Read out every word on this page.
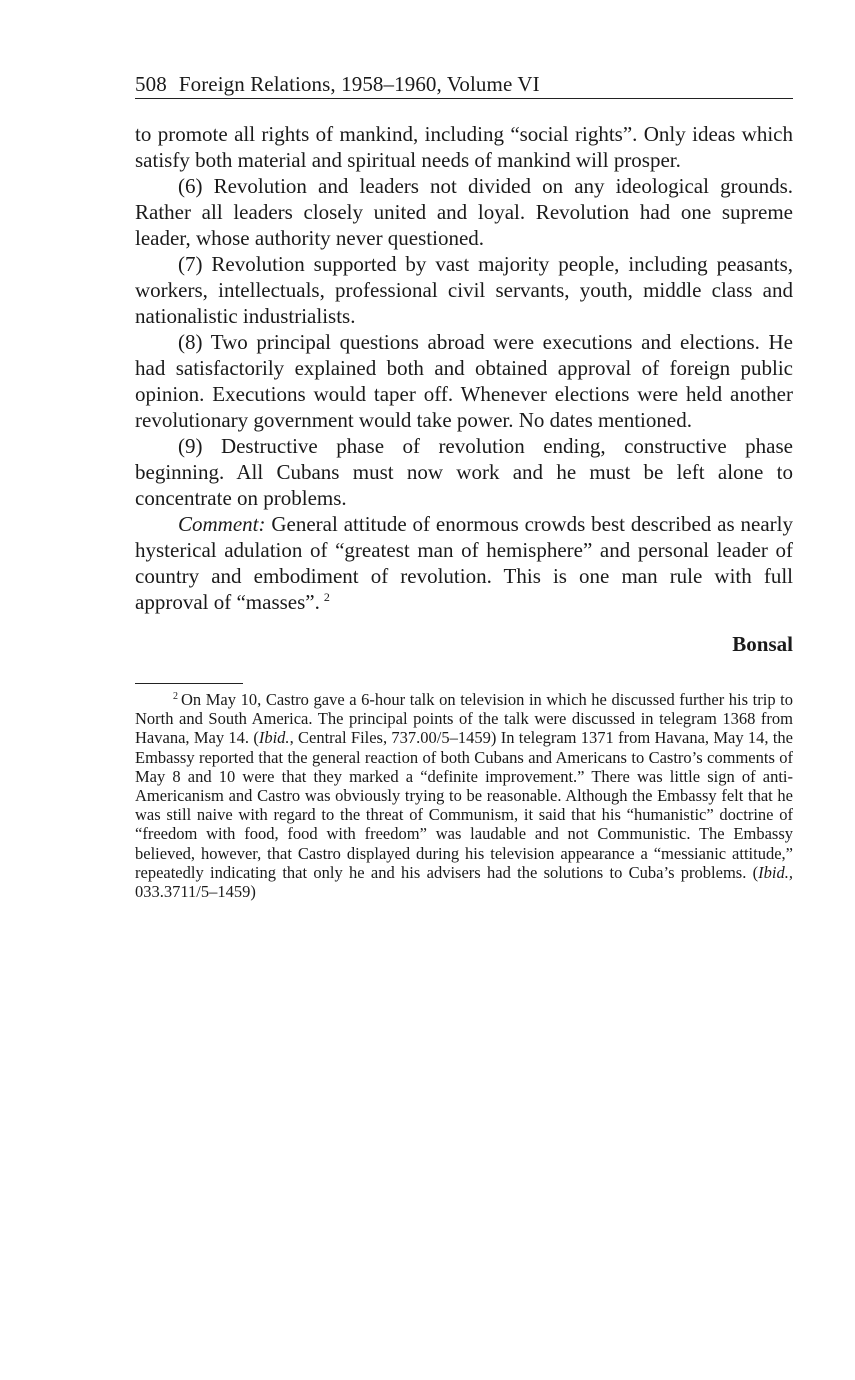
508 Foreign Relations, 1958–1960, Volume VI

to promote all rights of mankind, including “social rights”. Only ideas which satisfy both material and spiritual needs of mankind will prosper.

(6) Revolution and leaders not divided on any ideological grounds. Rather all leaders closely united and loyal. Revolution had one supreme leader, whose authority never questioned.

(7) Revolution supported by vast majority people, including peasants, workers, intellectuals, professional civil servants, youth, middle class and nationalistic industrialists.

(8) Two principal questions abroad were executions and elections. He had satisfactorily explained both and obtained approval of foreign public opinion. Executions would taper off. Whenever elections were held another revolutionary government would take power. No dates mentioned.

(9) Destructive phase of revolution ending, constructive phase beginning. All Cubans must now work and he must be left alone to concentrate on problems.

Comment: General attitude of enormous crowds best described as nearly hysterical adulation of “greatest man of hemisphere” and personal leader of country and embodiment of revolution. This is one man rule with full approval of “masses”. $^2$

Bonsal
$^2$ On May 10, Castro gave a 6-hour talk on television in which he discussed further his trip to North and South America. The principal points of the talk were discussed in telegram 1368 from Havana, May 14. (Ibid., Central Files, 737.00/5–1459) In telegram 1371 from Havana, May 14, the Embassy reported that the general reaction of both Cubans and Americans to Castro’s comments of May 8 and 10 were that they marked a “definite improvement.” There was little sign of anti-Americanism and Castro was obviously trying to be reasonable. Although the Embassy felt that he was still naive with regard to the threat of Communism, it said that his “humanistic” doctrine of “freedom with food, food with freedom” was laudable and not Communistic. The Embassy believed, however, that Castro displayed during his television appearance a “messianic attitude,” repeatedly indicating that only he and his advisers had the solutions to Cuba’s problems. (Ibid., 033.3711/5–1459)
